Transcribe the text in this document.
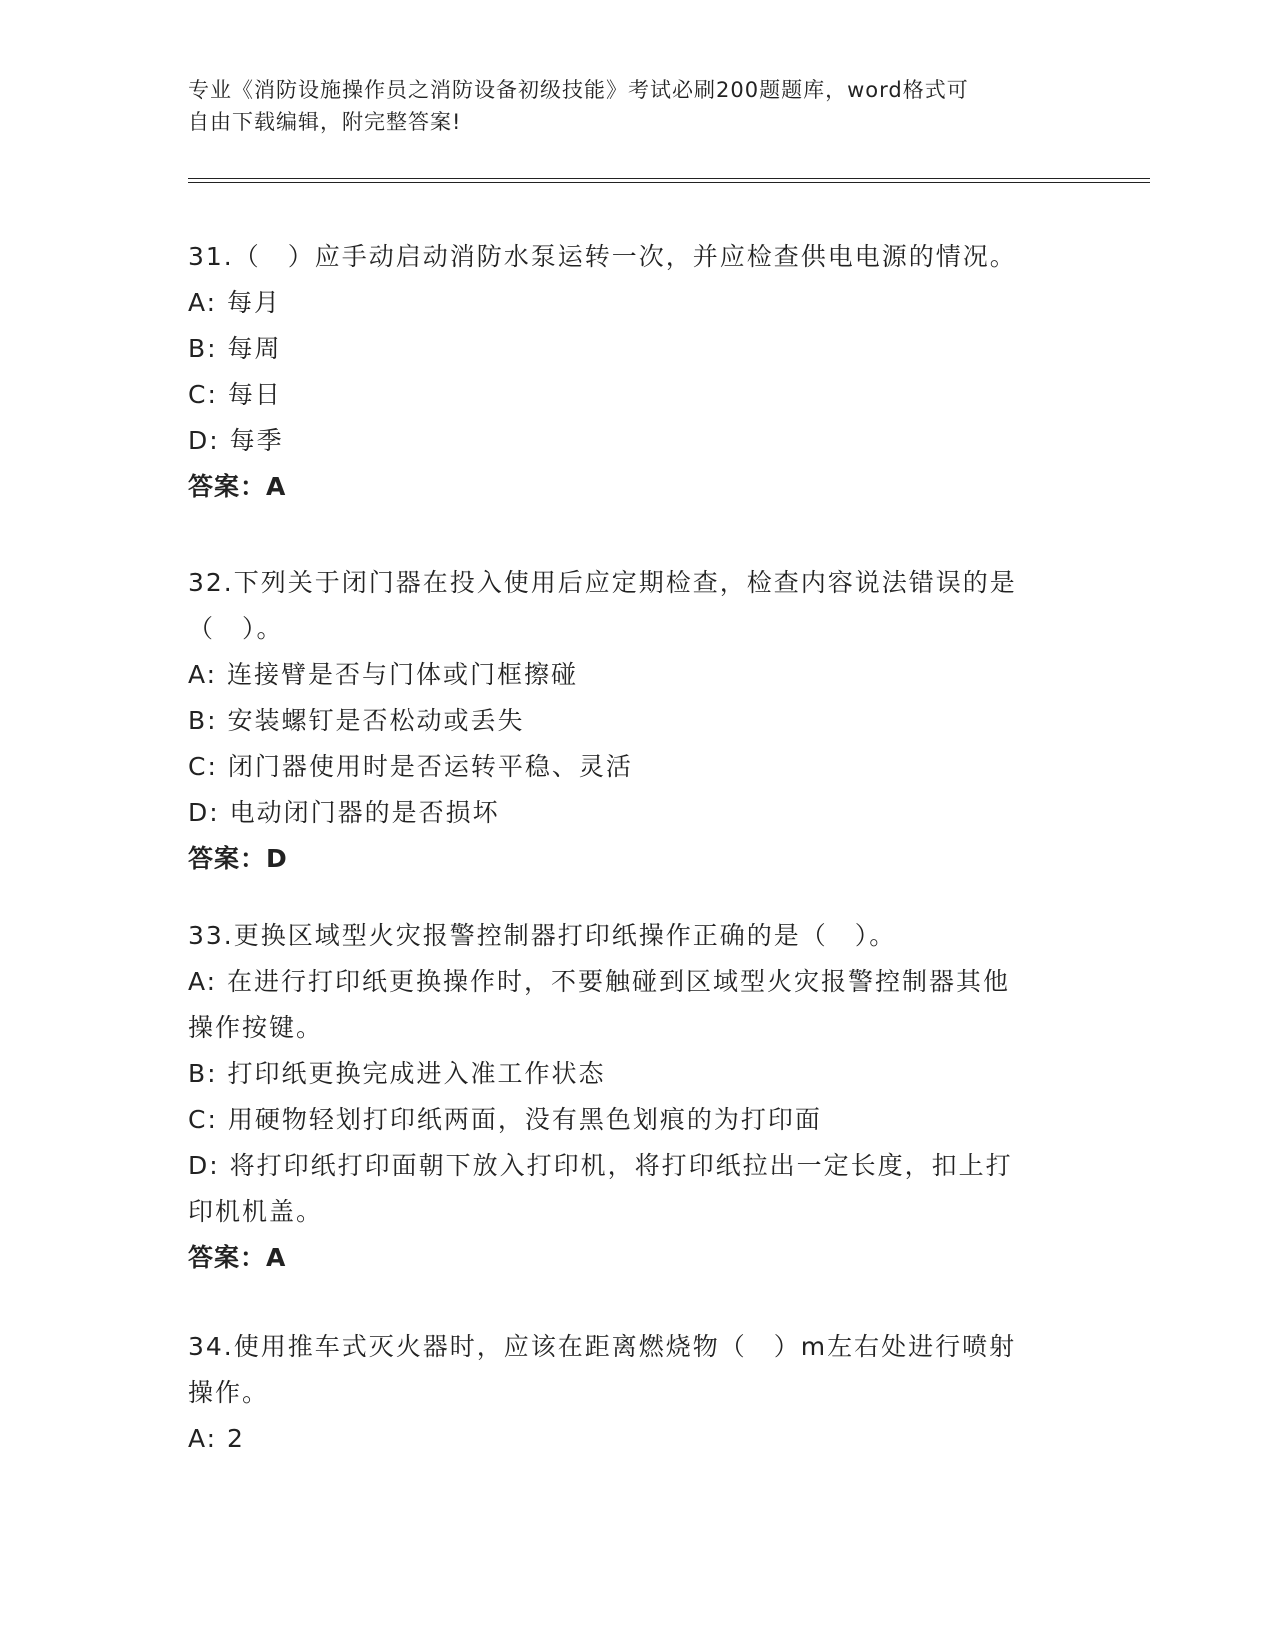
专业《消防设施操作员之消防设备初级技能》考试必刷200题题库，word格式可
自由下载编辑，附完整答案!
31.（　）应手动启动消防水泵运转一次，并应检查供电电源的情况。
A: 每月
B: 每周
C: 每日
D: 每季
答案：A
32.下列关于闭门器在投入使用后应定期检查，检查内容说法错误的是
（　）。
A: 连接臂是否与门体或门框擦碰
B: 安装螺钉是否松动或丢失
C: 闭门器使用时是否运转平稳、灵活
D: 电动闭门器的是否损坏
答案：D
33.更换区域型火灾报警控制器打印纸操作正确的是（　）。
A: 在进行打印纸更换操作时，不要触碰到区域型火灾报警控制器其他
操作按键。
B: 打印纸更换完成进入准工作状态
C: 用硬物轻划打印纸两面，没有黑色划痕的为打印面
D: 将打印纸打印面朝下放入打印机，将打印纸拉出一定长度，扣上打
印机机盖。
答案：A
34.使用推车式灭火器时，应该在距离燃烧物（　）m左右处进行喷射
操作。
A: 2
